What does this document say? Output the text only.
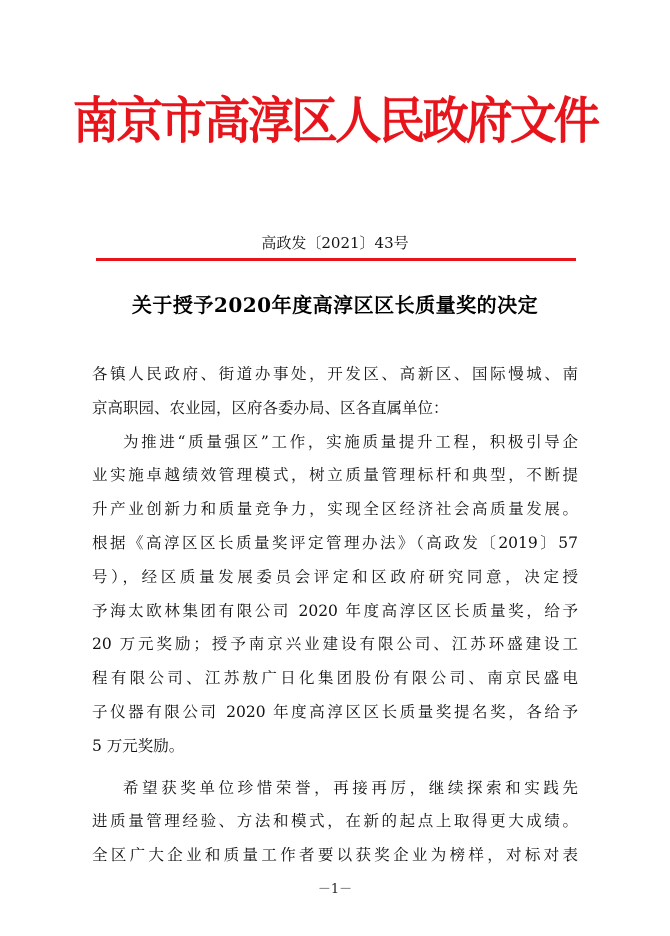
南京市高淳区人民政府文件
高政发〔2021〕43号
关于授予2020年度高淳区区长质量奖的决定
各镇人民政府、街道办事处，开发区、高新区、国际慢城、南
京高职园、农业园，区府各委办局、区各直属单位：
为推进“质量强区”工作，实施质量提升工程，积极引导企
业实施卓越绩效管理模式，树立质量管理标杆和典型，不断提
升产业创新力和质量竞争力，实现全区经济社会高质量发展。
根据《高淳区区长质量奖评定管理办法》（高政发〔2019〕57
号），经区质量发展委员会评定和区政府研究同意，决定授
予海太欧林集团有限公司 2020 年度高淳区区长质量奖，给予
20 万元奖励；授予南京兴业建设有限公司、江苏环盛建设工
程有限公司、江苏敖广日化集团股份有限公司、南京民盛电
子仪器有限公司 2020 年度高淳区区长质量奖提名奖，各给予
5 万元奖励。
希望获奖单位珍惜荣誉，再接再厉，继续探索和实践先
进质量管理经验、方法和模式，在新的起点上取得更大成绩。
全区广大企业和质量工作者要以获奖企业为榜样，对标对表
－1－
